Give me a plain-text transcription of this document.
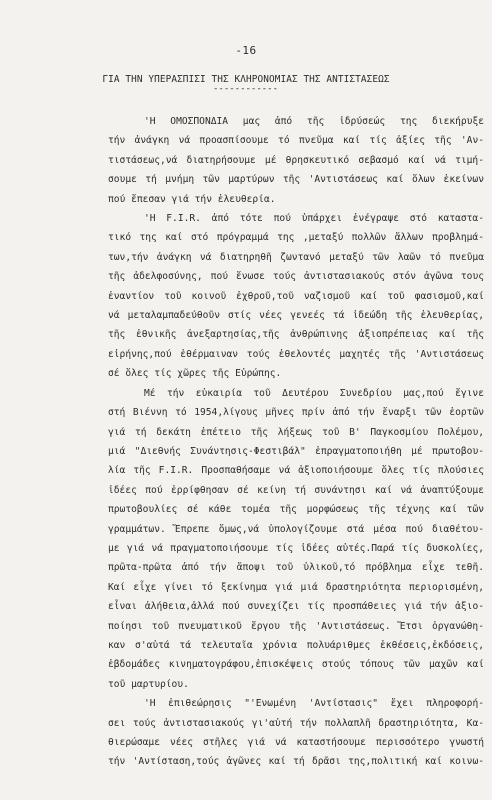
-16
ΓΙΑ ΤΗΝ ΥΠΕΡΑΣΠΙΣΙ ΤΗΣ ΚΛΗΡΟΝΟΜΙΑΣ ΤΗΣ ΑΝΤΙΣΤΑΣΕΩΣ
------------
'Η ΟΜΟΣΠΟΝΔΙΑ μας ἀπό τῆς ἱδρύσεώς της διεκήρυξε
τήν ἀνάγκη νά προασπίσουμε τό πνεῦμα καί τίς ἀξίες τῆς 'Αν-
τιστάσεως,νά διατηρήσουμε μέ θρησκευτικό σεβασμό καί νά τιμή-
σουμε τή μνήμη τῶν μαρτύρων τῆς 'Αντιστάσεως καί ὅλων ἐκείνων
πού ἔπεσαν γιά τήν ἐλευθερία.
'Η F.I.R. ἀπό τότε πού ὑπάρχει ἐνέγραψε στό καταστα-
τικό της καί στό πρόγραμμά της ,μεταξύ πολλῶν ἄλλων προβλημά-
των,τήν ἀνάγκη νά διατηρηθῆ ζωντανό μεταξύ τῶν λαῶν τό πνεῦμα
τῆς ἀδελφοσύνης, πού ἕνωσε τούς ἀντιστασιακούς στόν ἀγῶνα τους
ἐναντίον τοῦ κοινοῦ ἐχθροῦ,τοῦ ναζισμοῦ καί τοῦ φασισμοῦ,καί
νά μεταλαμπαδεύθοῦν στίς νέες γενεές τά ἰδεώδη τῆς ἐλευθερίας,
τῆς ἐθνικῆς ἀνεξαρτησίας,τῆς ἀνθρώπινης ἀξιοπρέπειας καί τῆς
εἰρήνης,πού ἐθέρμαιναν τούς ἐθελοντές μαχητές τῆς 'Αντιστάσεως
σέ ὅλες τίς χῶρες τῆς Εὐρώπης.
Μέ τήν εὐκαιρία τοῦ Δευτέρου Συνεδρίου μας,πού ἔγινε
στή Βιέννη τό 1954,λίγους μῆνες πρίν ἀπό τήν ἔναρξι τῶν ἑορτῶν
γιά τή δεκάτη ἐπέτειο τῆς λήξεως τοῦ Β' Παγκοσμίου Πολέμου,
μιά "Διεθνής Συνάντησις-Φεστιβάλ" ἐπραγματοποιήθη μέ πρωτοβου-
λία τῆς F.I.R. Προσπαθήσαμε νά ἀξιοποιήσουμε ὅλες τίς πλούσιες
ἰδέες πού ἐρρίφθησαν σέ κείνη τή συνάντησι καί νά ἀναπτύξουμε
πρωτοβουλίες σέ κάθε τομέα τῆς μορφώσεως τῆς τέχνης καί τῶν
γραμμάτων. Ἔπρεπε ὅμως,νά ὑπολογίζουμε στά μέσα πού διαθέτου-
με γιά νά πραγματοποιήσουμε τίς ἰδέες αὐτές.Παρά τίς δυσκολίες,
πρῶτα-πρῶτα ἀπό τήν ἄποψι τοῦ ὑλικοῦ,τό πρόβλημα εἶχε τεθῆ.
Καί εἶχε γίνει τό ξεκίνημα γιά μιά δραστηριότητα περιορισμένη,
εἶναι ἀλήθεια,ἀλλά πού συνεχίζει τίς προσπάθειες γιά τήν ἀξιο-
ποίησι τοῦ πνευματικοῦ ἔργου τῆς 'Αντιστάσεως. Ἔτσι ὀργανώθη-
καν σ'αὐτά τά τελευταῖα χρόνια πολυάριθμες ἐκθέσεις,ἐκδόσεις,
ἑβδομάδες κινηματογράφου,ἐπισκέψεις στούς τόπους τῶν μαχῶν καί
τοῦ μαρτυρίου.
'Η ἐπιθεώρησις "'Ενωμένη 'Αντίστασις" ἔχει πληροφορή-
σει τούς ἀντιστασιακούς γι'αὐτή τήν πολλαπλῆ δραστηριότητα, Κα-
θιερώσαμε νέες στῆλες γιά νά καταστήσουμε περισσότερο γνωστή
τήν 'Αντίσταση,τούς ἀγῶνες καί τή δρᾶσι της,πολιτική καί κοινω-
